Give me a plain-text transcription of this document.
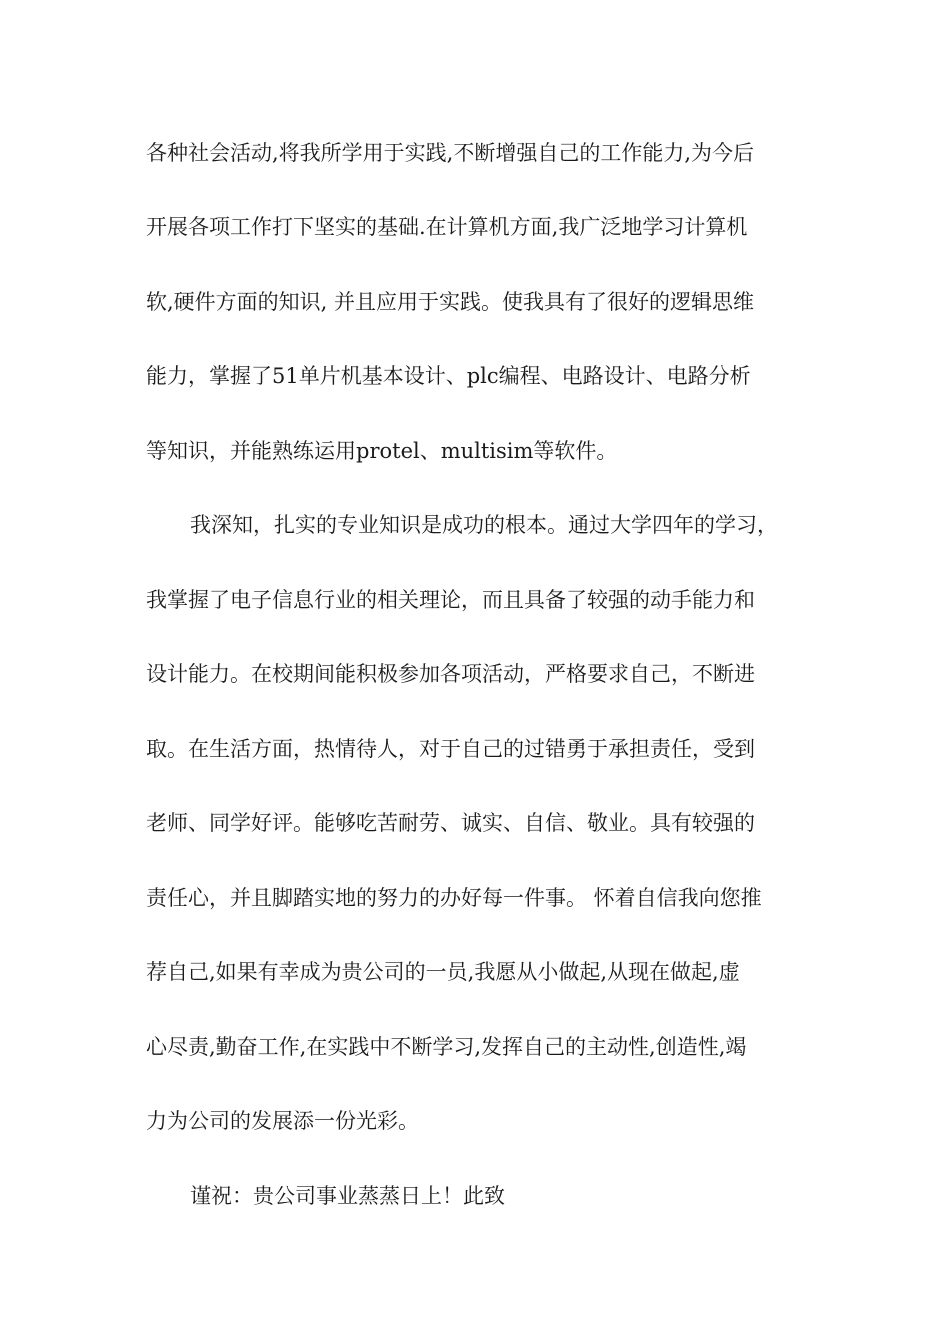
各种社会活动,将我所学用于实践,不断增强自己的工作能力,为今后
开展各项工作打下坚实的基础.在计算机方面,我广泛地学习计算机
软,硬件方面的知识, 并且应用于实践。使我具有了很好的逻辑思维
能力，掌握了51单片机基本设计、plc编程、电路设计、电路分析
等知识，并能熟练运用protel、multisim等软件。
我深知，扎实的专业知识是成功的根本。通过大学四年的学习，
我掌握了电子信息行业的相关理论，而且具备了较强的动手能力和
设计能力。在校期间能积极参加各项活动，严格要求自己，不断进
取。在生活方面，热情待人，对于自己的过错勇于承担责任，受到
老师、同学好评。能够吃苦耐劳、诚实、自信、敬业。具有较强的
责任心，并且脚踏实地的努力的办好每一件事。 怀着自信我向您推
荐自己,如果有幸成为贵公司的一员,我愿从小做起,从现在做起,虚
心尽责,勤奋工作,在实践中不断学习,发挥自己的主动性,创造性,竭
力为公司的发展添一份光彩。
谨祝：贵公司事业蒸蒸日上！此致
